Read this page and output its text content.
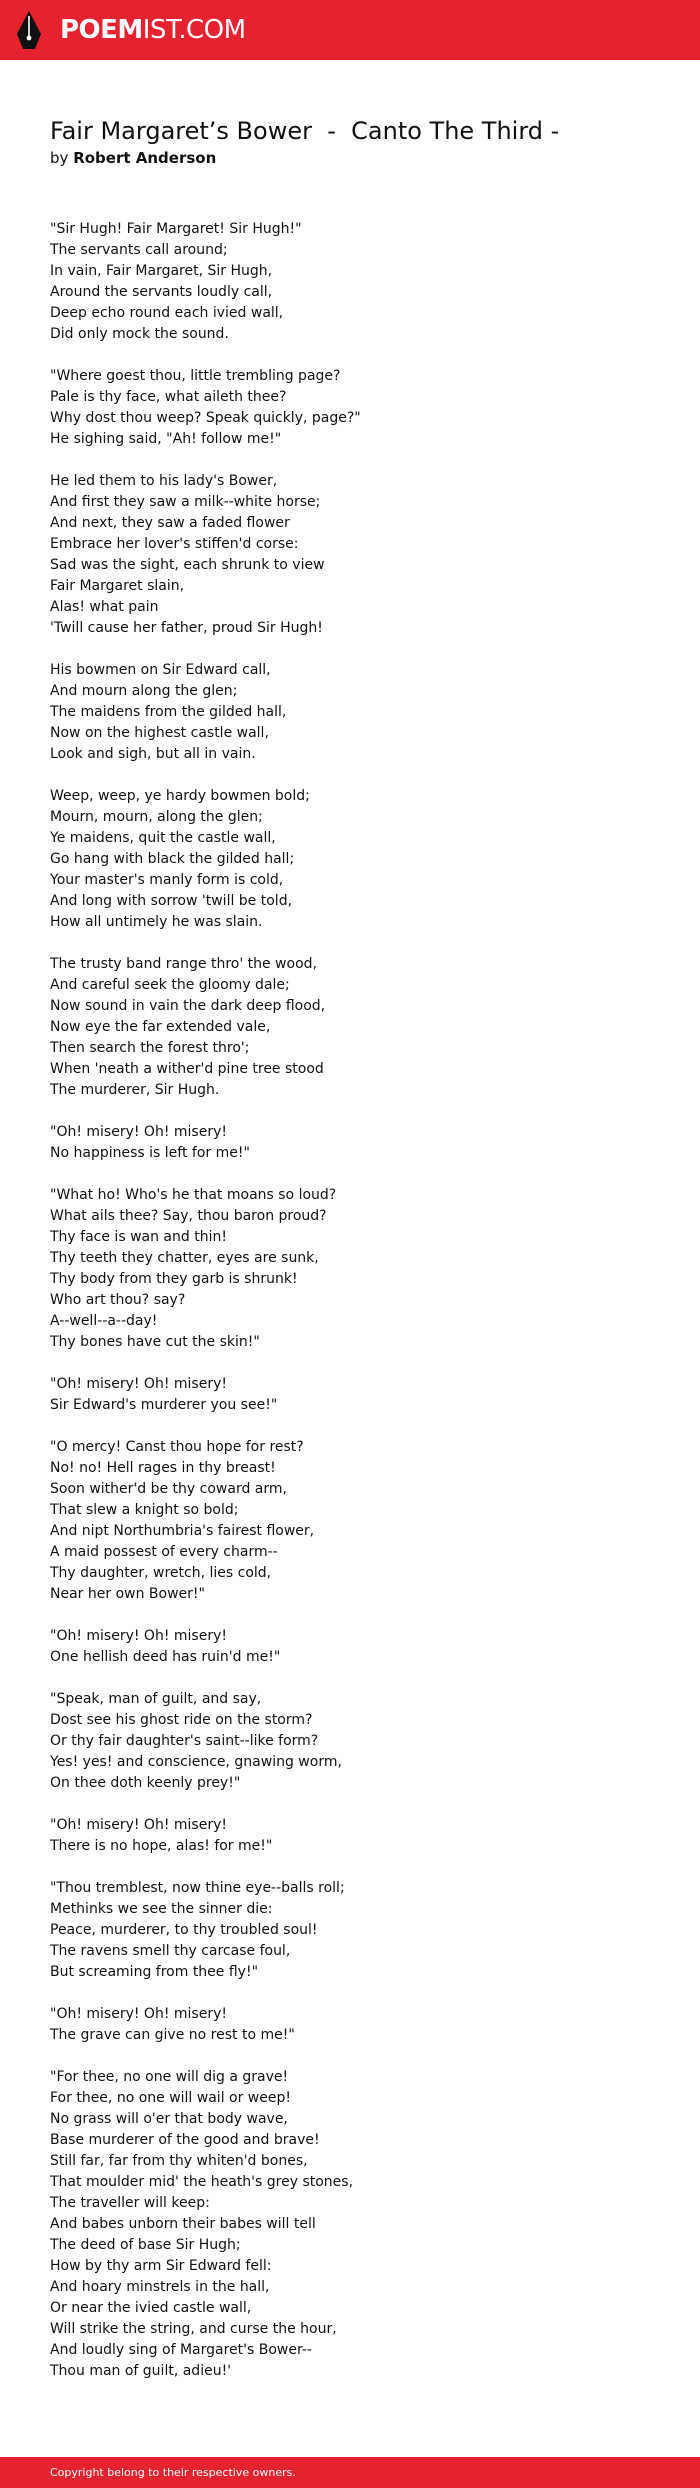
POEMIST.COM
Fair Margaret’s Bower  -  Canto The Third -
by Robert Anderson
"Sir Hugh! Fair Margaret! Sir Hugh!"
The servants call around;
In vain, Fair Margaret, Sir Hugh,
Around the servants loudly call,
Deep echo round each ivied wall,
Did only mock the sound.
"Where goest thou, little trembling page?
Pale is thy face, what aileth thee?
Why dost thou weep? Speak quickly, page?"
He sighing said, "Ah! follow me!"
He led them to his lady's Bower,
And first they saw a milk--white horse;
And next, they saw a faded flower
Embrace her lover's stiffen'd corse:
Sad was the sight, each shrunk to view
Fair Margaret slain,
Alas! what pain
'Twill cause her father, proud Sir Hugh!
His bowmen on Sir Edward call,
And mourn along the glen;
The maidens from the gilded hall,
Now on the highest castle wall,
Look and sigh, but all in vain.
Weep, weep, ye hardy bowmen bold;
Mourn, mourn, along the glen;
Ye maidens, quit the castle wall,
Go hang with black the gilded hall;
Your master's manly form is cold,
And long with sorrow 'twill be told,
How all untimely he was slain.
The trusty band range thro' the wood,
And careful seek the gloomy dale;
Now sound in vain the dark deep flood,
Now eye the far extended vale,
Then search the forest thro';
When 'neath a wither'd pine tree stood
The murderer, Sir Hugh.
"Oh! misery! Oh! misery!
No happiness is left for me!"
"What ho! Who's he that moans so loud?
What ails thee? Say, thou baron proud?
Thy face is wan and thin!
Thy teeth they chatter, eyes are sunk,
Thy body from they garb is shrunk!
Who art thou? say?
A--well--a--day!
Thy bones have cut the skin!"
"Oh! misery! Oh! misery!
Sir Edward's murderer you see!"
"O mercy! Canst thou hope for rest?
No! no! Hell rages in thy breast!
Soon wither'd be thy coward arm,
That slew a knight so bold;
And nipt Northumbria's fairest flower,
A maid possest of every charm--
Thy daughter, wretch, lies cold,
Near her own Bower!"
"Oh! misery! Oh! misery!
One hellish deed has ruin'd me!"
"Speak, man of guilt, and say,
Dost see his ghost ride on the storm?
Or thy fair daughter's saint--like form?
Yes! yes! and conscience, gnawing worm,
On thee doth keenly prey!"
"Oh! misery! Oh! misery!
There is no hope, alas! for me!"
"Thou tremblest, now thine eye--balls roll;
Methinks we see the sinner die:
Peace, murderer, to thy troubled soul!
The ravens smell thy carcase foul,
But screaming from thee fly!"
"Oh! misery! Oh! misery!
The grave can give no rest to me!"
"For thee, no one will dig a grave!
For thee, no one will wail or weep!
No grass will o'er that body wave,
Base murderer of the good and brave!
Still far, far from thy whiten'd bones,
That moulder mid' the heath's grey stones,
The traveller will keep:
And babes unborn their babes will tell
The deed of base Sir Hugh;
How by thy arm Sir Edward fell:
And hoary minstrels in the hall,
Or near the ivied castle wall,
Will strike the string, and curse the hour,
And loudly sing of Margaret's Bower--
Thou man of guilt, adieu!'
Copyright belong to their respective owners.
